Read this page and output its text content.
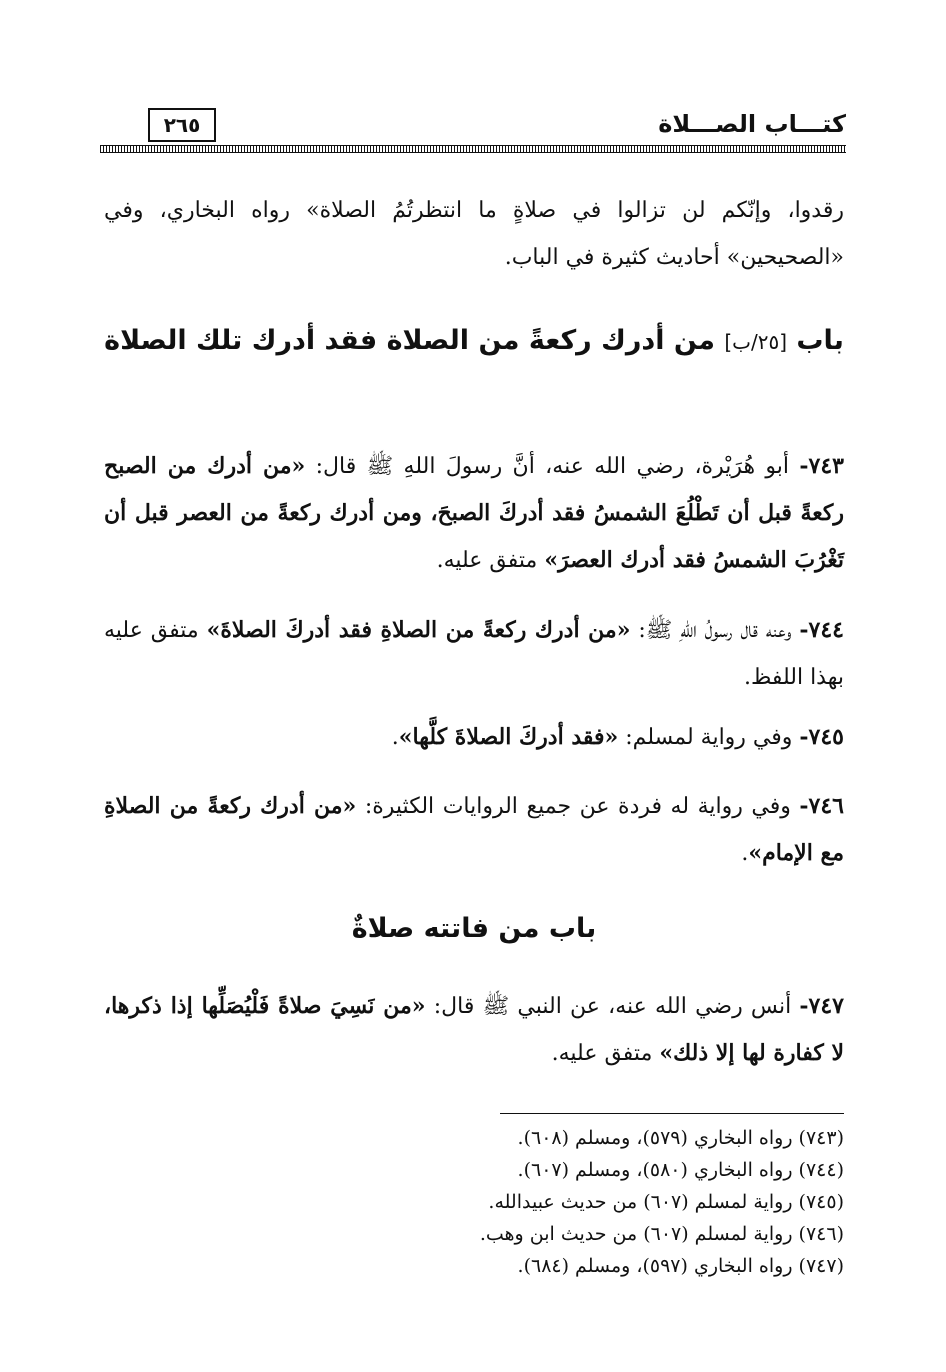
كتـــاب الصـــلاة
٢٦٥

رقدوا، وإنّكم لن تزالوا في صلاةٍ ما انتظرتُمُ الصلاة» رواه البخاري، وفي «الصحيحين» أحاديث كثيرة في الباب.

باب [٢٥/ب] من أدرك ركعةً من الصلاة فقد أدرك تلك الصلاة

٧٤٣- أبو هُرَيْرة، رضي الله عنه، أنَّ رسولَ اللهِ ﷺ قال: «من أدرك من الصبح ركعةً قبل أن تَطْلُعَ الشمسُ فقد أدركَ الصبحَ، ومن أدرك ركعةً من العصر قبل أن تَغْرُبَ الشمسُ فقد أدرك العصرَ» متفق عليه.

٧٤٤- وعنه قال رسولُ اللهِ ﷺ: «من أدرك ركعةً من الصلاةِ فقد أدركَ الصلاةَ» متفق عليه بهذا اللفظ.

٧٤٥- وفي رواية لمسلم: «فقد أدركَ الصلاةَ كلَّها».

٧٤٦- وفي رواية له فردة عن جميع الروايات الكثيرة: «من أدرك ركعةً من الصلاةِ مع الإمام».

باب من فاتته صلاةٌ

٧٤٧- أنس رضي الله عنه، عن النبي ﷺ قال: «من نَسِيَ صلاةً فَلْيُصَلِّها إذا ذكرها، لا كفارة لها إلا ذلك» متفق عليه.

(٧٤٣) رواه البخاري (٥٧٩)، ومسلم (٦٠٨).

(٧٤٤) رواه البخاري (٥٨٠)، ومسلم (٦٠٧).

(٧٤٥) رواية لمسلم (٦٠٧) من حديث عبيدالله.

(٧٤٦) رواية لمسلم (٦٠٧) من حديث ابن وهب.

(٧٤٧) رواه البخاري (٥٩٧)، ومسلم (٦٨٤).
